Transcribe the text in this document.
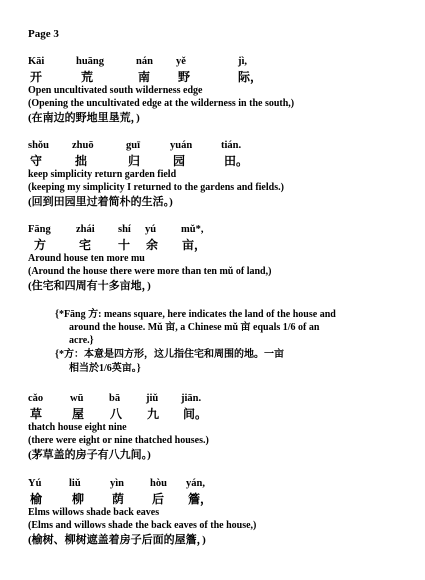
Page 3
Kāi	huāng	nán yě	jì,
开	荒	南 野	际，
Open uncultivated south wilderness edge
(Opening the uncultivated edge at the wilderness in the south,)
(在南边的野地里垦荒，)
shǒu zhuō	guī	yuán	tián.
守	拙	归	园	田。
keep simplicity return garden field
(keeping my simplicity I returned to the gardens and fields.)
(回到田园里过着简朴的生活。)
Fāng zhái shí yú mǔ*,
方	宅 十 余 亩，
Around house ten more mu
(Around the house there were more than ten mǔ of land,)
(住宅和四周有十多亩地，)
{*Fāng 方: means square, here indicates the land of the house and
around the house. Mǔ 亩, a Chinese mǔ 亩 equals 1/6 of an
acre.}
{*方：本意是四方形，这儿指住宅和周围的地。一亩
相当於1/6英亩。}
cǎo	wū bā jiǔ jiān.
草 屋 八 九 间。
thatch house eight nine
(there were eight or nine thatched houses.)
(茅草盖的房子有八九间。)
Yú	liǔ	yìn hòu yán,
榆 柳 荫 后 簷，
Elms willows shade back eaves
(Elms and willows shade the back eaves of the house,)
(榆树、柳树遮盖着房子后面的屋簷，)
